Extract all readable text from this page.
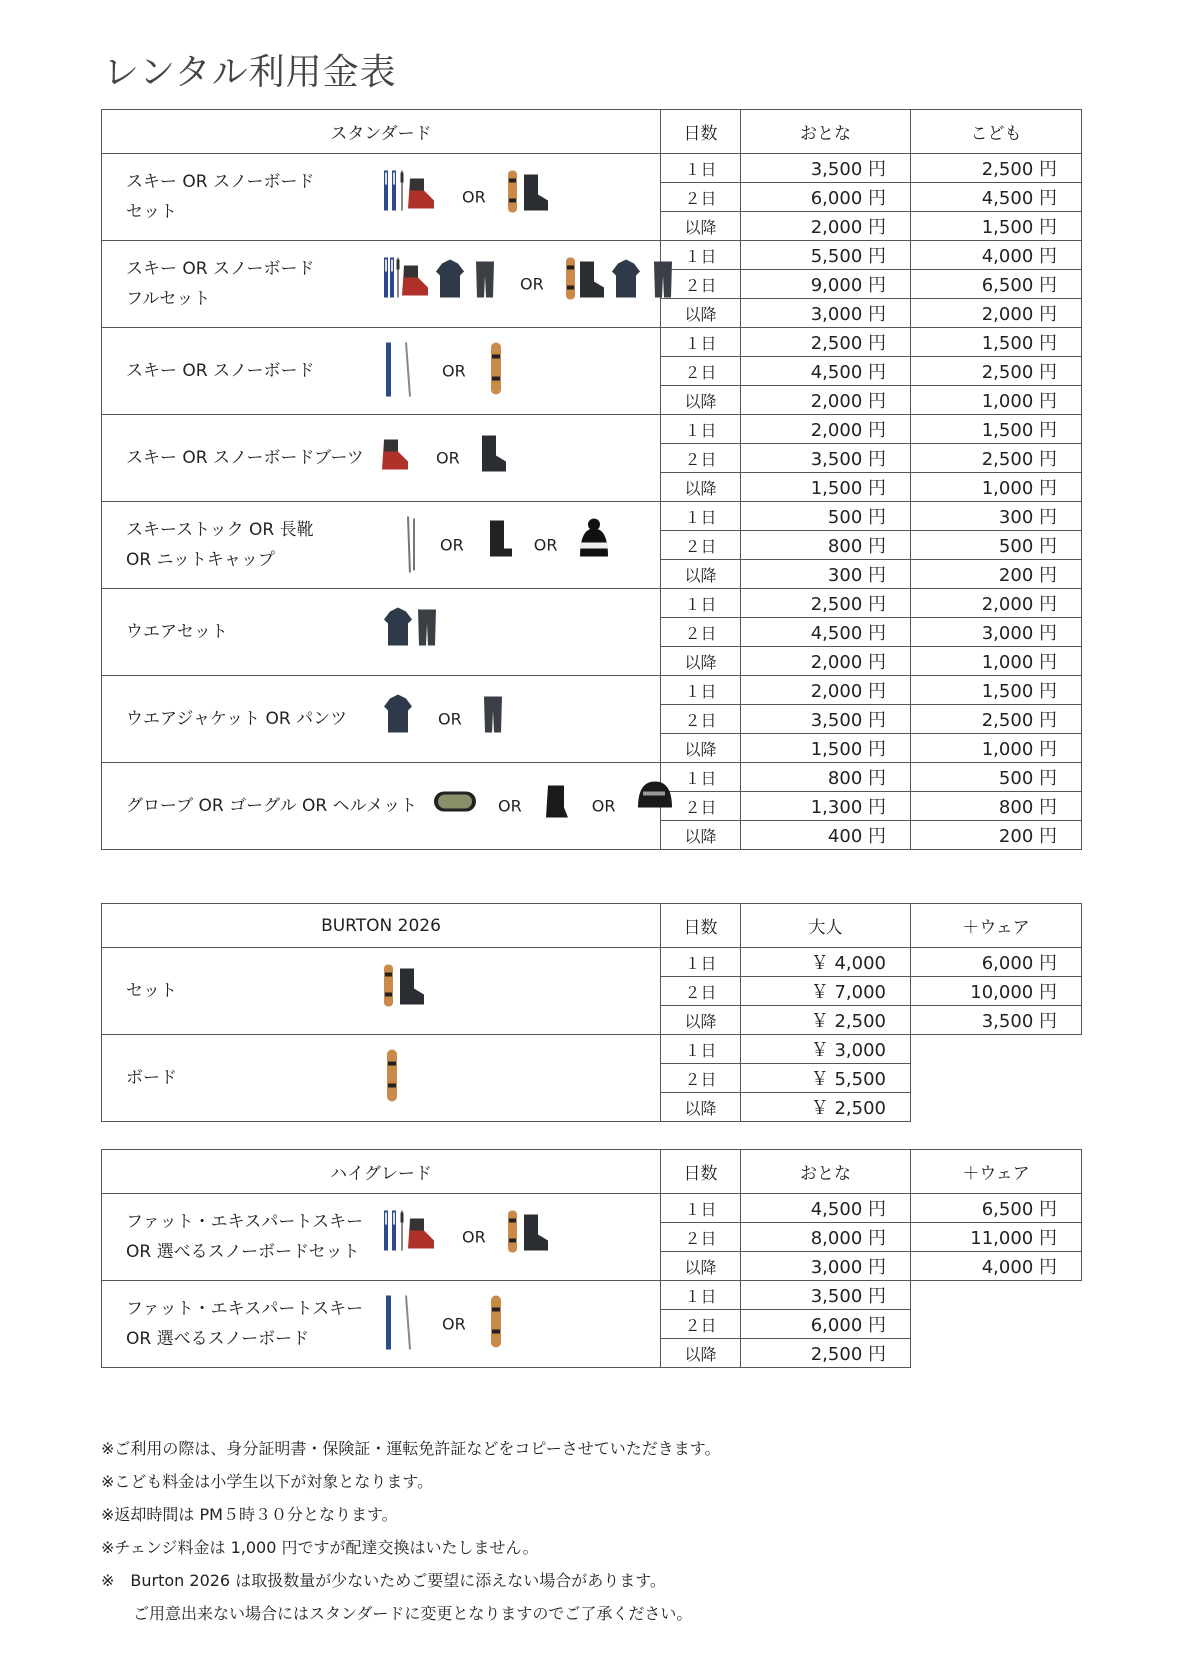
レンタル利用金表
スタンダード	日数	おとな	こども

スキー OR スノーボード
セット
OR	１日	3,500 円	2,500 円
	２日	6,000 円	4,500 円
	以降	2,000 円	1,500 円

スキー OR スノーボード
フルセット
OR	１日	5,500 円	4,000 円
	２日	9,000 円	6,500 円
	以降	3,000 円	2,000 円

スキー OR スノーボード OR	１日	2,500 円	1,500 円
	２日	4,500 円	2,500 円
	以降	2,000 円	1,000 円

スキー OR スノーボードブーツ OR	１日	2,000 円	1,500 円
	２日	3,500 円	2,500 円
	以降	1,500 円	1,000 円

スキーストック OR 長靴
OR ニットキャップ
OR OR	１日	500 円	300 円
	２日	800 円	500 円
	以降	300 円	200 円

ウエアセット	１日	2,500 円	2,000 円
	２日	4,500 円	3,000 円
	以降	2,000 円	1,000 円

ウエアジャケット OR パンツ OR	１日	2,000 円	1,500 円
	２日	3,500 円	2,500 円
	以降	1,500 円	1,000 円

グローブ OR ゴーグル OR ヘルメット OR OR	１日	800 円	500 円
	２日	1,300 円	800 円
	以降	400 円	200 円
BURTON 2026	日数	大人	＋ウェア

セット	１日	￥ 4,000	6,000 円
	２日	￥ 7,000	10,000 円
	以降	￥ 2,500	3,500 円

ボード	１日	￥ 3,000	
	２日	￥ 5,500	
	以降	￥ 2,500	
ハイグレード	日数	おとな	＋ウェア

ファット・エキスパートスキー
OR 選べるスノーボードセット
OR	１日	4,500 円	6,500 円
	２日	8,000 円	11,000 円
	以降	3,000 円	4,000 円

ファット・エキスパートスキー
OR 選べるスノーボード
OR	１日	3,500 円	
	２日	6,000 円	
	以降	2,500 円	
※ご利用の際は、身分証明書・保険証・運転免許証などをコピーさせていただきます。
※こども料金は小学生以下が対象となります。
※返却時間は PM５時３０分となります。
※チェンジ料金は 1,000 円ですが配達交換はいたしません。
※　Burton 2026 は取扱数量が少ないためご要望に添えない場合があります。
　　ご用意出来ない場合にはスタンダードに変更となりますのでご了承ください。
